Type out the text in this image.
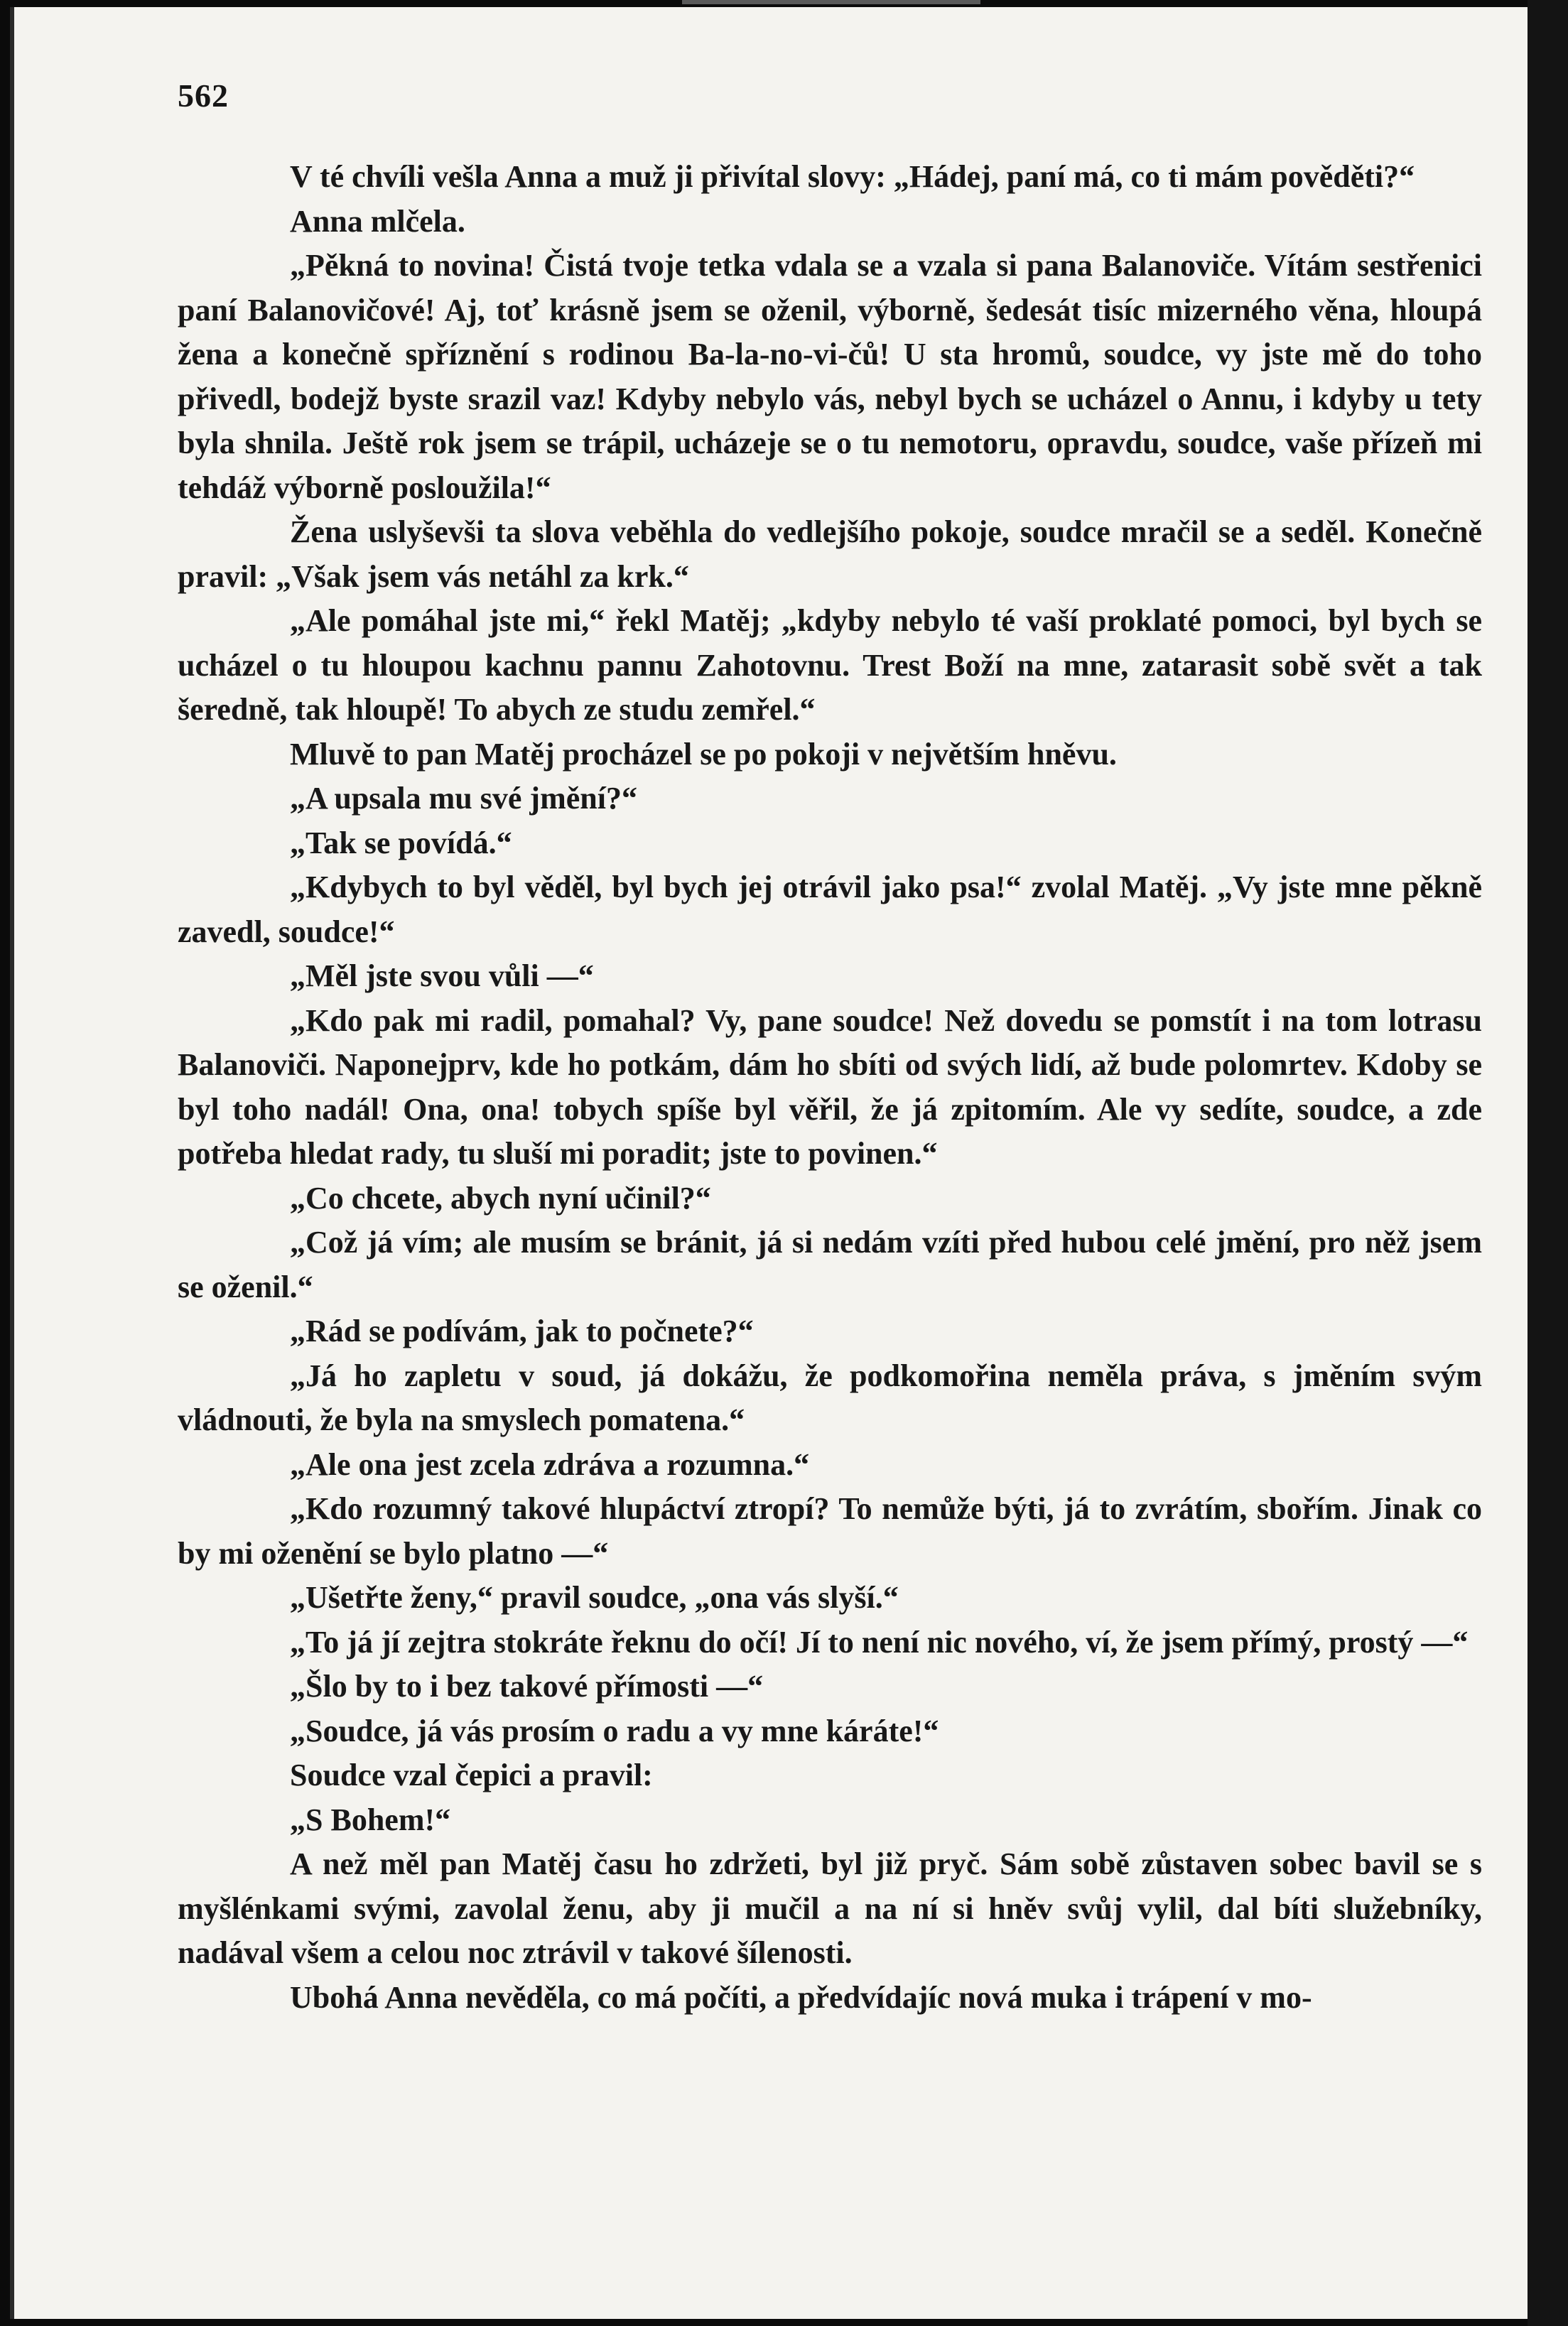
562

V té chvíli vešla Anna a muž ji přivítal slovy: „Hádej, paní má, co ti mám pověděti?“

Anna mlčela.

„Pěkná to novina! Čistá tvoje tetka vdala se a vzala si pana Balanoviče. Vítám sestřenici paní Balanovičové! Aj, toť krásně jsem se oženil, výborně, šedesát tisíc mizerného věna, hloupá žena a konečně spříznění s rodinou Ba-la-no-vi-čů! U sta hromů, soudce, vy jste mě do toho přivedl, bodejž byste srazil vaz! Kdyby nebylo vás, nebyl bych se ucházel o Annu, i kdyby u tety byla shnila. Ještě rok jsem se trápil, ucházeje se o tu nemotoru, opravdu, soudce, vaše přízeň mi tehdáž výborně posloužila!“

Žena uslyševši ta slova veběhla do vedlejšího pokoje, soudce mračil se a seděl. Konečně pravil: „Však jsem vás netáhl za krk.“

„Ale pomáhal jste mi,“ řekl Matěj; „kdyby nebylo té vaší proklaté pomoci, byl bych se ucházel o tu hloupou kachnu pannu Zahotovnu. Trest Boží na mne, zatarasit sobě svět a tak šeredně, tak hloupě! To abych ze studu zemřel.“

Mluvě to pan Matěj procházel se po pokoji v největším hněvu.

„A upsala mu své jmění?“

„Tak se povídá.“

„Kdybych to byl věděl, byl bych jej otrávil jako psa!“ zvolal Matěj. „Vy jste mne pěkně zavedl, soudce!“

„Měl jste svou vůli —“

„Kdo pak mi radil, pomahal? Vy, pane soudce! Než dovedu se pomstít i na tom lotrasu Balanoviči. Naponejprv, kde ho potkám, dám ho sbíti od svých lidí, až bude polomrtev. Kdoby se byl toho nadál! Ona, ona! tobych spíše byl věřil, že já zpitomím. Ale vy sedíte, soudce, a zde potřeba hledat rady, tu sluší mi poradit; jste to povinen.“

„Co chcete, abych nyní učinil?“

„Což já vím; ale musím se bránit, já si nedám vzíti před hubou celé jmění, pro něž jsem se oženil.“

„Rád se podívám, jak to počnete?“

„Já ho zapletu v soud, já dokážu, že podkomořina neměla práva, s jměním svým vládnouti, že byla na smyslech pomatena.“

„Ale ona jest zcela zdráva a rozumna.“

„Kdo rozumný takové hlupáctví ztropí? To nemůže býti, já to zvrátím, sbořím. Jinak co by mi oženění se bylo platno —“

„Ušetřte ženy,“ pravil soudce, „ona vás slyší.“

„To já jí zejtra stokráte řeknu do očí! Jí to není nic nového, ví, že jsem přímý, prostý —“

„Šlo by to i bez takové přímosti —“

„Soudce, já vás prosím o radu a vy mne káráte!“

Soudce vzal čepici a pravil:

„S Bohem!“

A než měl pan Matěj času ho zdržeti, byl již pryč. Sám sobě zůstaven sobec bavil se s myšlénkami svými, zavolal ženu, aby ji mučil a na ní si hněv svůj vylil, dal bíti služebníky, nadával všem a celou noc ztrávil v takové šílenosti.

Ubohá Anna nevěděla, co má počíti, a předvídajíc nová muka i trápení v mo-
